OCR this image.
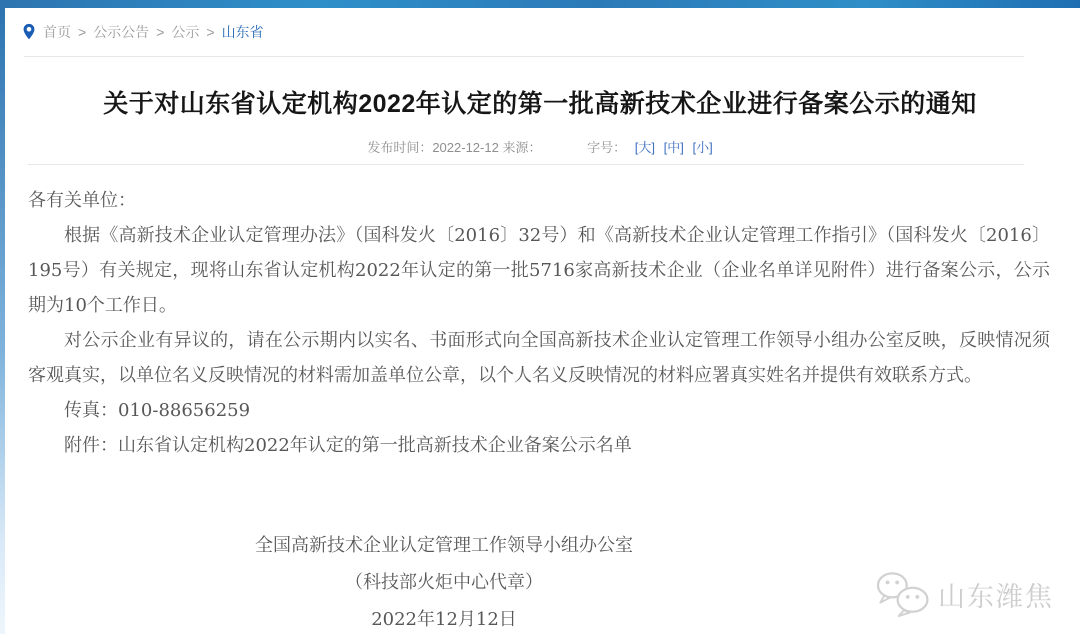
首页 > 公示公告 > 公示 > 山东省
关于对山东省认定机构2022年认定的第一批高新技术企业进行备案公示的通知
发布时间：2022-12-12 来源：	字号： [大] [中] [小]

各有关单位：

根据《高新技术企业认定管理办法》（国科发火〔2016〕32号）和《高新技术企业认定管理工作指引》（国科发火〔2016〕195号）有关规定，现将山东省认定机构2022年认定的第一批5716家高新技术企业（企业名单详见附件）进行备案公示，公示期为10个工作日。

对公示企业有异议的，请在公示期内以实名、书面形式向全国高新技术企业认定管理工作领导小组办公室反映，反映情况须客观真实，以单位名义反映情况的材料需加盖单位公章，以个人名义反映情况的材料应署真实姓名并提供有效联系方式。

传真：010-88656259

附件：山东省认定机构2022年认定的第一批高新技术企业备案公示名单

全国高新技术企业认定管理工作领导小组办公室

（科技部火炬中心代章）

2022年12月12日

山东潍焦
